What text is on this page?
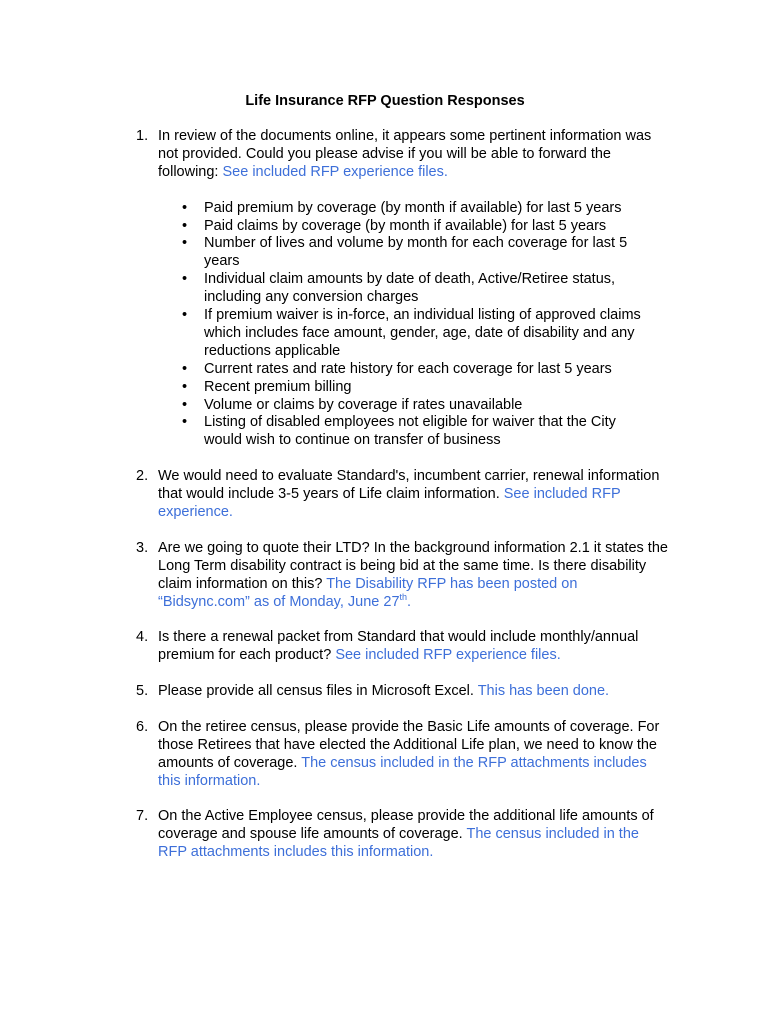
Life Insurance RFP Question Responses
1. In review of the documents online, it appears some pertinent information was not provided. Could you please advise if you will be able to forward the following: See included RFP experience files.
• Paid premium by coverage (by month if available) for last 5 years
• Paid claims by coverage (by month if available) for last 5 years
• Number of lives and volume by month for each coverage for last 5 years
• Individual claim amounts by date of death, Active/Retiree status, including any conversion charges
• If premium waiver is in-force, an individual listing of approved claims which includes face amount, gender, age, date of disability and any reductions applicable
• Current rates and rate history for each coverage for last 5 years
• Recent premium billing
• Volume or claims by coverage if rates unavailable
• Listing of disabled employees not eligible for waiver that the City would wish to continue on transfer of business
2. We would need to evaluate Standard's, incumbent carrier, renewal information that would include 3-5 years of Life claim information. See included RFP experience.
3. Are we going to quote their LTD? In the background information 2.1 it states the Long Term disability contract is being bid at the same time. Is there disability claim information on this? The Disability RFP has been posted on “Bidsync.com” as of Monday, June 27th.
4. Is there a renewal packet from Standard that would include monthly/annual premium for each product? See included RFP experience files.
5. Please provide all census files in Microsoft Excel. This has been done.
6. On the retiree census, please provide the Basic Life amounts of coverage. For those Retirees that have elected the Additional Life plan, we need to know the amounts of coverage. The census included in the RFP attachments includes this information.
7. On the Active Employee census, please provide the additional life amounts of coverage and spouse life amounts of coverage. The census included in the RFP attachments includes this information.
